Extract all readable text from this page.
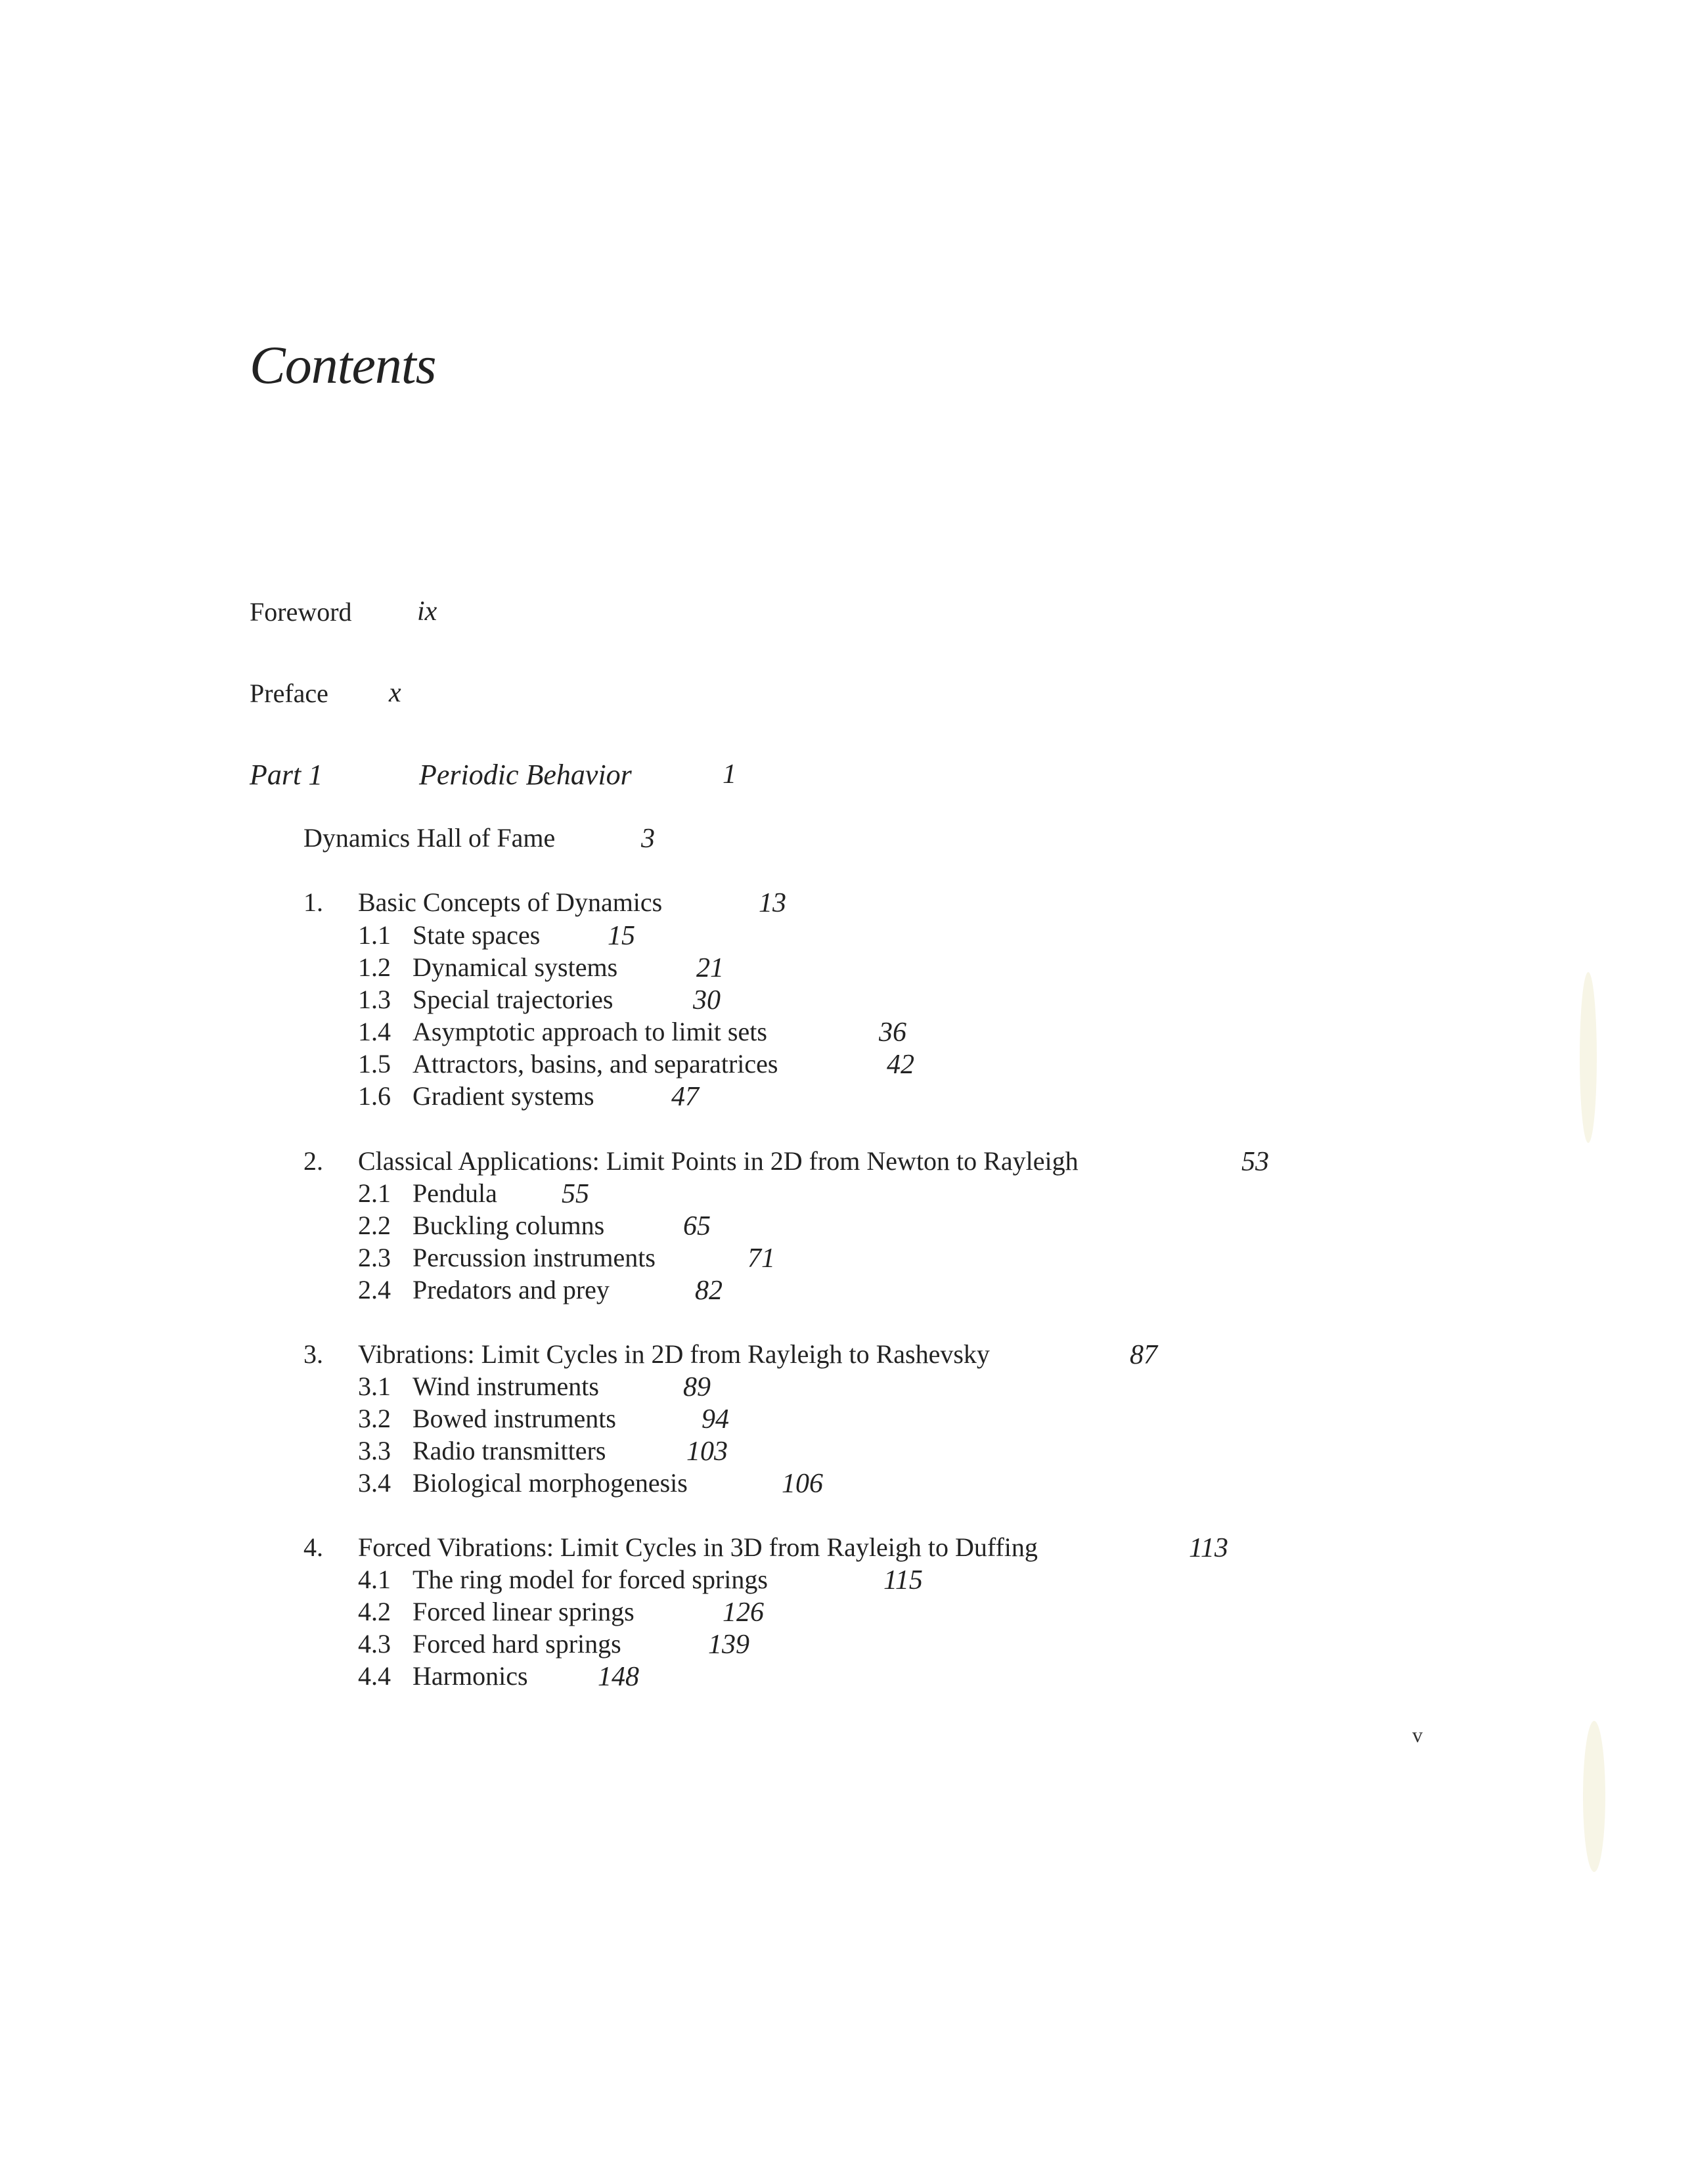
Contents
Foreword ix
Preface x
Part 1	Periodic Behavior	1
Dynamics Hall of Fame	3
1. Basic Concepts of Dynamics	13
1.1 State spaces 15
1.2 Dynamical systems	21
1.3 Special trajectories	30
1.4 Asymptotic approach to limit sets	36
1.5 Attractors, basins, and separatrices	42
1.6 Gradient systems	47
2. Classical Applications: Limit Points in 2D from Newton to Rayleigh	53
2.1 Pendula 55
2.2 Buckling columns	65
2.3 Percussion instruments	71
2.4 Predators and prey	82
3. Vibrations: Limit Cycles in 2D from Rayleigh to Rashevsky	87
3.1 Wind instruments	89
3.2 Bowed instruments	94
3.3 Radio transmitters	103
3.4 Biological morphogenesis	106
4. Forced Vibrations: Limit Cycles in 3D from Rayleigh to Duffing	113
4.1 The ring model for forced springs	115
4.2 Forced linear springs	126
4.3 Forced hard springs	139
4.4 Harmonics	148
v
